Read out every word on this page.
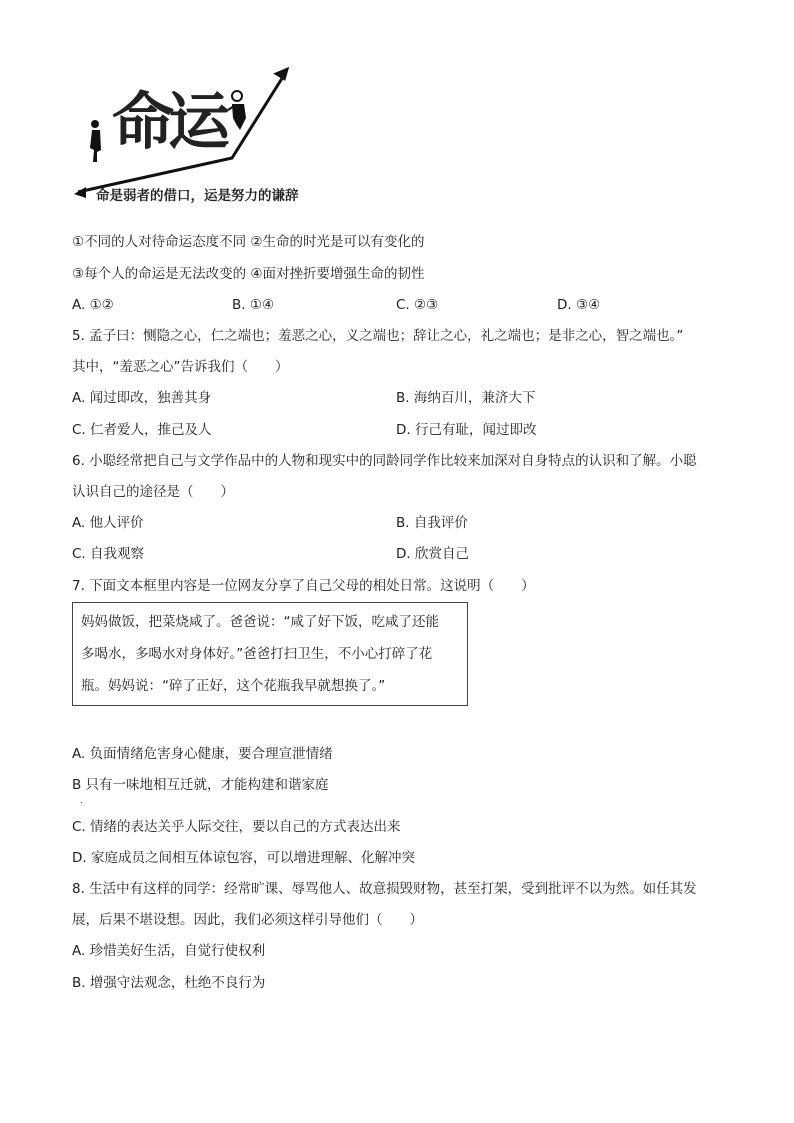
命运
命是弱者的借口，运是努力的谦辞
①不同的人对待命运态度不同 ②生命的时光是可以有变化的
③每个人的命运是无法改变的 ④面对挫折要增强生命的韧性
A. ①②	B. ①④	C. ②③	D. ③④
5. 孟子曰：恻隐之心，仁之端也；羞恶之心，义之端也；辞让之心，礼之端也；是非之心，智之端也。”
其中，“羞恶之心”告诉我们（　　）
A. 闻过即改，独善其身	B. 海纳百川，兼济大下
C. 仁者爱人，推己及人	D. 行己有耻，闻过即改
6. 小聪经常把自己与文学作品中的人物和现实中的同龄同学作比较来加深对自身特点的认识和了解。小聪
认识自己的途径是（　　）
A. 他人评价	B. 自我评价
C. 自我观察	D. 欣赏自己
7. 下面文本框里内容是一位网友分享了自己父母的相处日常。这说明（　　）
妈妈做饭，把菜烧咸了。爸爸说：“咸了好下饭，吃咸了还能
多喝水，多喝水对身体好。”爸爸打扫卫生，不小心打碎了花
瓶。妈妈说：“碎了正好，这个花瓶我早就想换了。”
A. 负面情绪危害身心健康，要合理宣泄情绪
B 只有一味地相互迁就，才能构建和谐家庭
.
C. 情绪的表达关乎人际交往，要以自己的方式表达出来
D. 家庭成员之间相互体谅包容，可以增进理解、化解冲突
8. 生活中有这样的同学：经常旷课、辱骂他人、故意损毁财物，甚至打架，受到批评不以为然。如任其发
展，后果不堪设想。因此，我们必须这样引导他们（　　）
A. 珍惜美好生活，自觉行使权利
B. 增强守法观念，杜绝不良行为
